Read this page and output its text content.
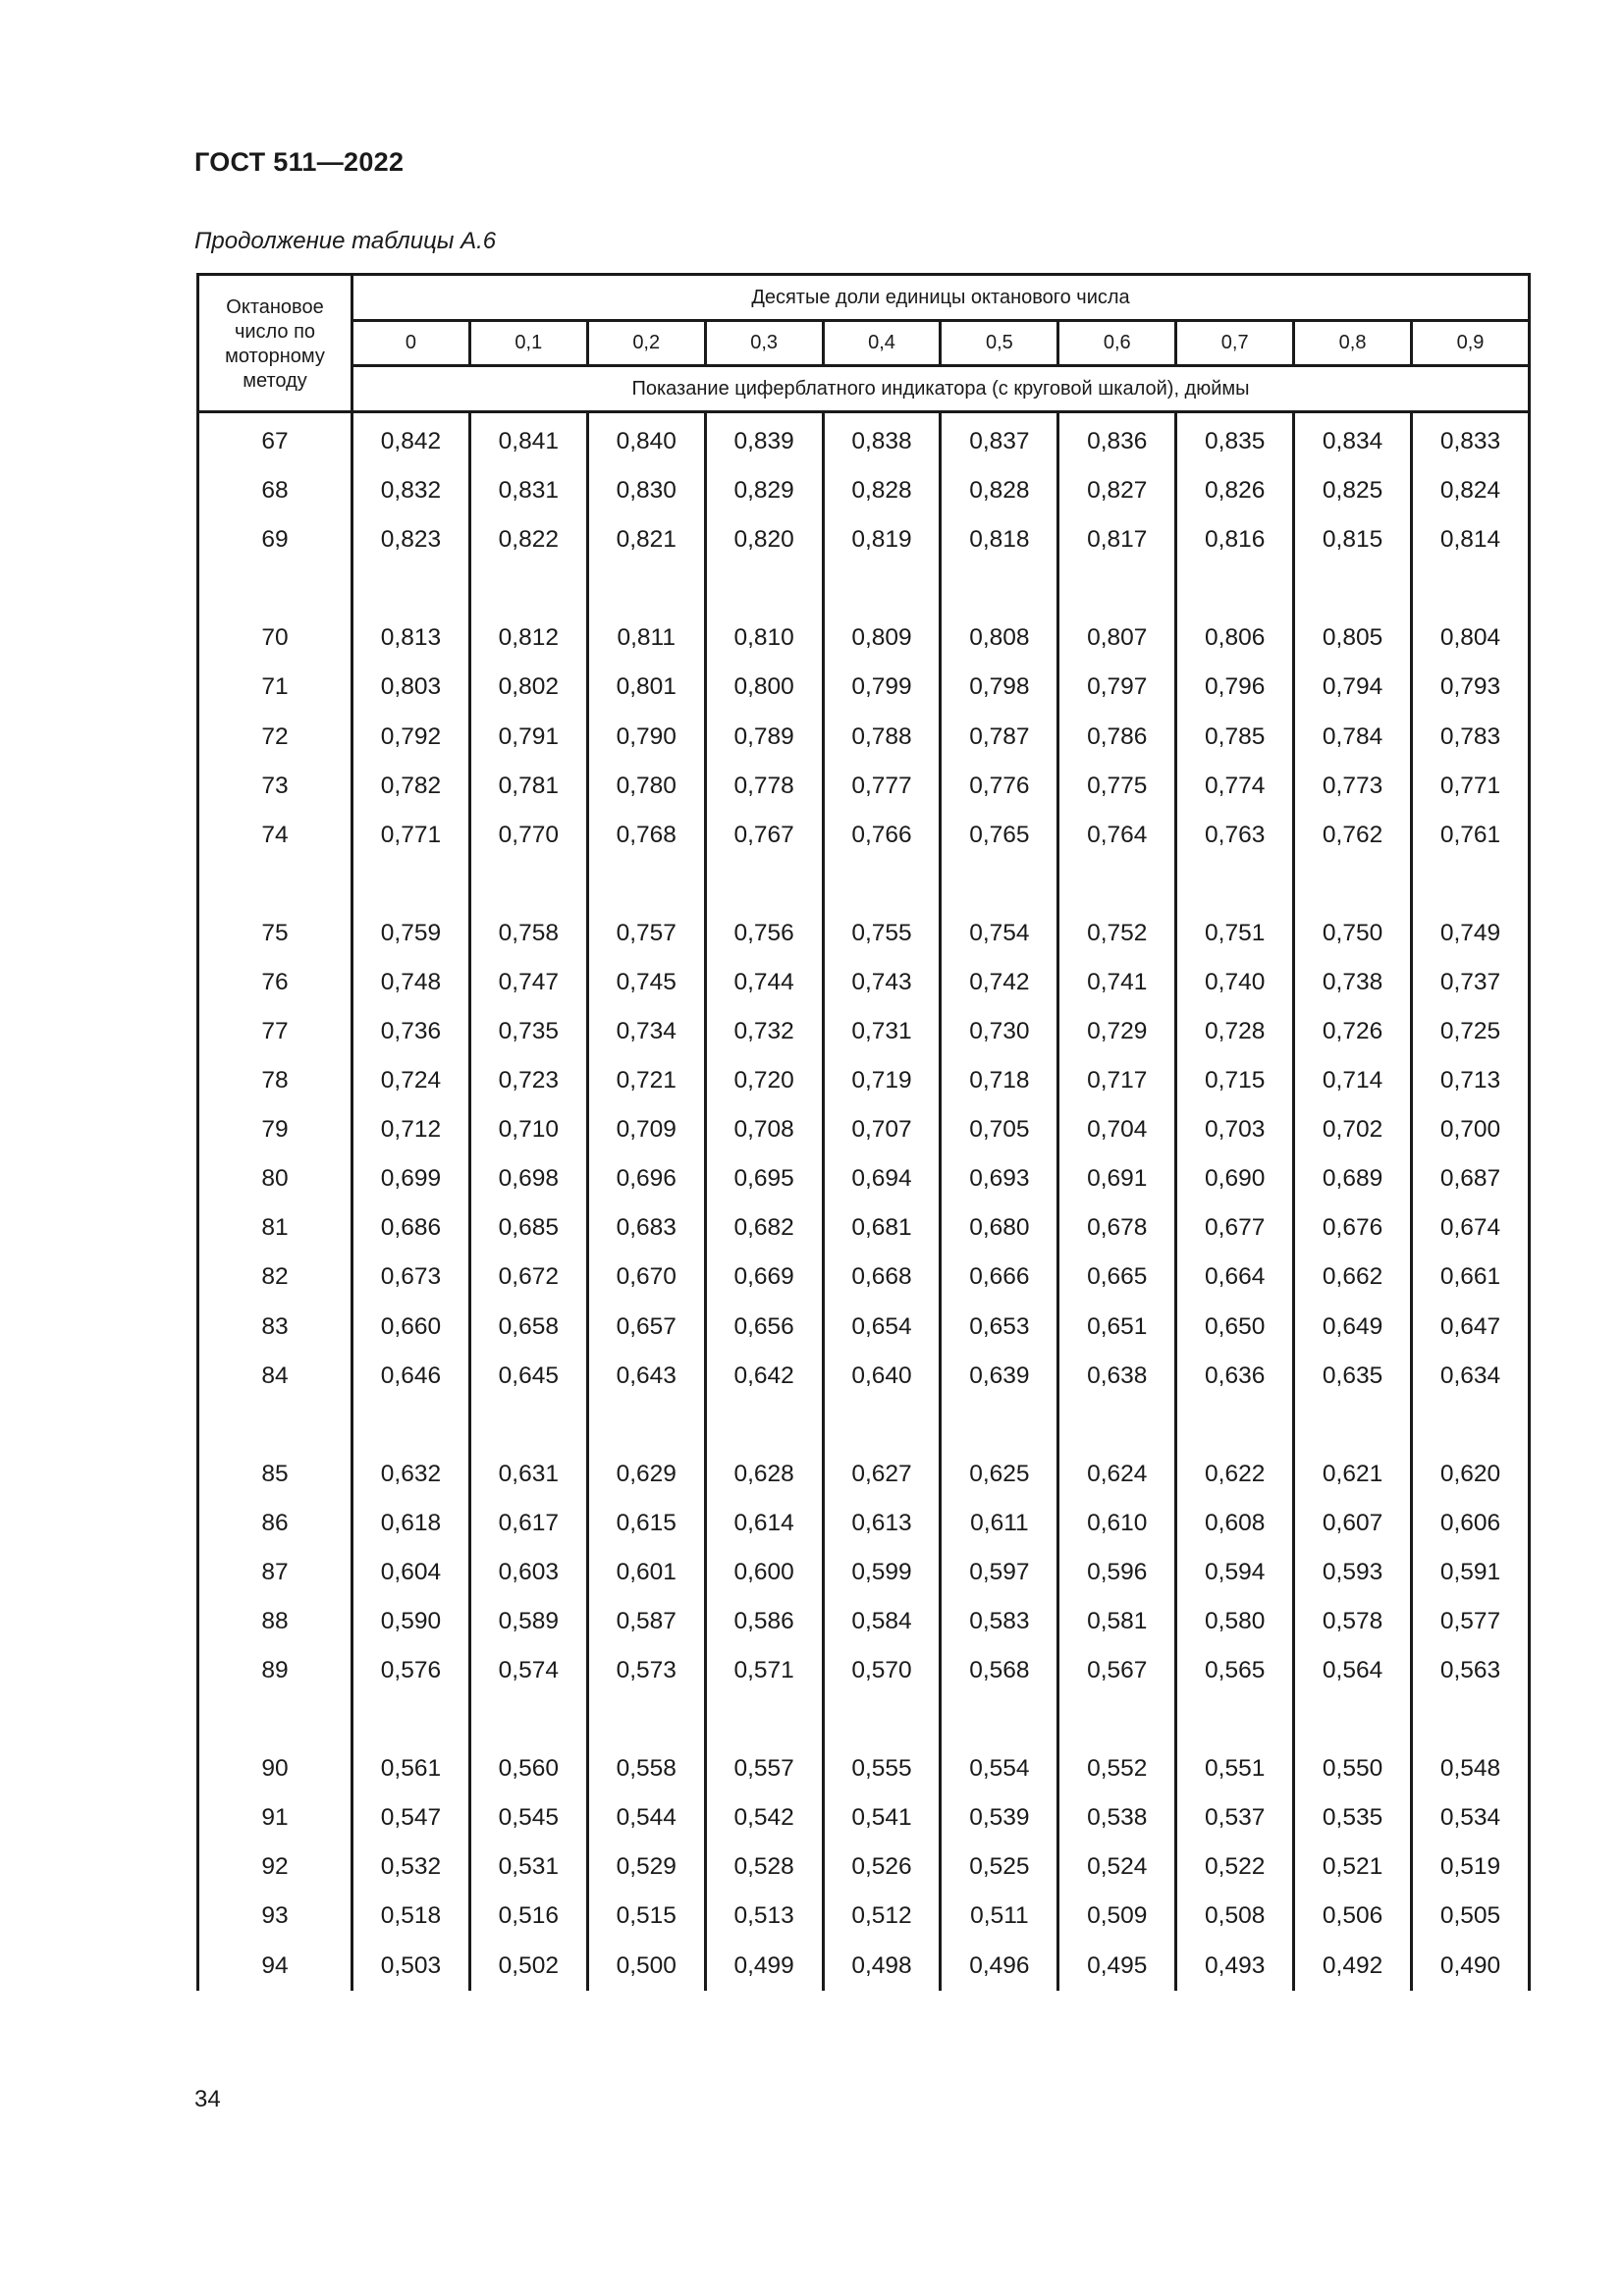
ГОСТ 511—2022
Продолжение таблицы А.6
Октановое число по моторному методу	Десятые доли единицы октанового числа									
	0	0,1	0,2	0,3	0,4	0,5	0,6	0,7	0,8	0,9
	Показание циферблатного индикатора (с круговой шкалой), дюймы									
67	0,842	0,841	0,840	0,839	0,838	0,837	0,836	0,835	0,834	0,833
68	0,832	0,831	0,830	0,829	0,828	0,828	0,827	0,826	0,825	0,824
69	0,823	0,822	0,821	0,820	0,819	0,818	0,817	0,816	0,815	0,814

70	0,813	0,812	0,811	0,810	0,809	0,808	0,807	0,806	0,805	0,804
71	0,803	0,802	0,801	0,800	0,799	0,798	0,797	0,796	0,794	0,793
72	0,792	0,791	0,790	0,789	0,788	0,787	0,786	0,785	0,784	0,783
73	0,782	0,781	0,780	0,778	0,777	0,776	0,775	0,774	0,773	0,771
74	0,771	0,770	0,768	0,767	0,766	0,765	0,764	0,763	0,762	0,761

75	0,759	0,758	0,757	0,756	0,755	0,754	0,752	0,751	0,750	0,749
76	0,748	0,747	0,745	0,744	0,743	0,742	0,741	0,740	0,738	0,737
77	0,736	0,735	0,734	0,732	0,731	0,730	0,729	0,728	0,726	0,725
78	0,724	0,723	0,721	0,720	0,719	0,718	0,717	0,715	0,714	0,713
79	0,712	0,710	0,709	0,708	0,707	0,705	0,704	0,703	0,702	0,700
80	0,699	0,698	0,696	0,695	0,694	0,693	0,691	0,690	0,689	0,687
81	0,686	0,685	0,683	0,682	0,681	0,680	0,678	0,677	0,676	0,674
82	0,673	0,672	0,670	0,669	0,668	0,666	0,665	0,664	0,662	0,661
83	0,660	0,658	0,657	0,656	0,654	0,653	0,651	0,650	0,649	0,647
84	0,646	0,645	0,643	0,642	0,640	0,639	0,638	0,636	0,635	0,634

85	0,632	0,631	0,629	0,628	0,627	0,625	0,624	0,622	0,621	0,620
86	0,618	0,617	0,615	0,614	0,613	0,611	0,610	0,608	0,607	0,606
87	0,604	0,603	0,601	0,600	0,599	0,597	0,596	0,594	0,593	0,591
88	0,590	0,589	0,587	0,586	0,584	0,583	0,581	0,580	0,578	0,577
89	0,576	0,574	0,573	0,571	0,570	0,568	0,567	0,565	0,564	0,563

90	0,561	0,560	0,558	0,557	0,555	0,554	0,552	0,551	0,550	0,548
91	0,547	0,545	0,544	0,542	0,541	0,539	0,538	0,537	0,535	0,534
92	0,532	0,531	0,529	0,528	0,526	0,525	0,524	0,522	0,521	0,519
93	0,518	0,516	0,515	0,513	0,512	0,511	0,509	0,508	0,506	0,505
94	0,503	0,502	0,500	0,499	0,498	0,496	0,495	0,493	0,492	0,490
34
